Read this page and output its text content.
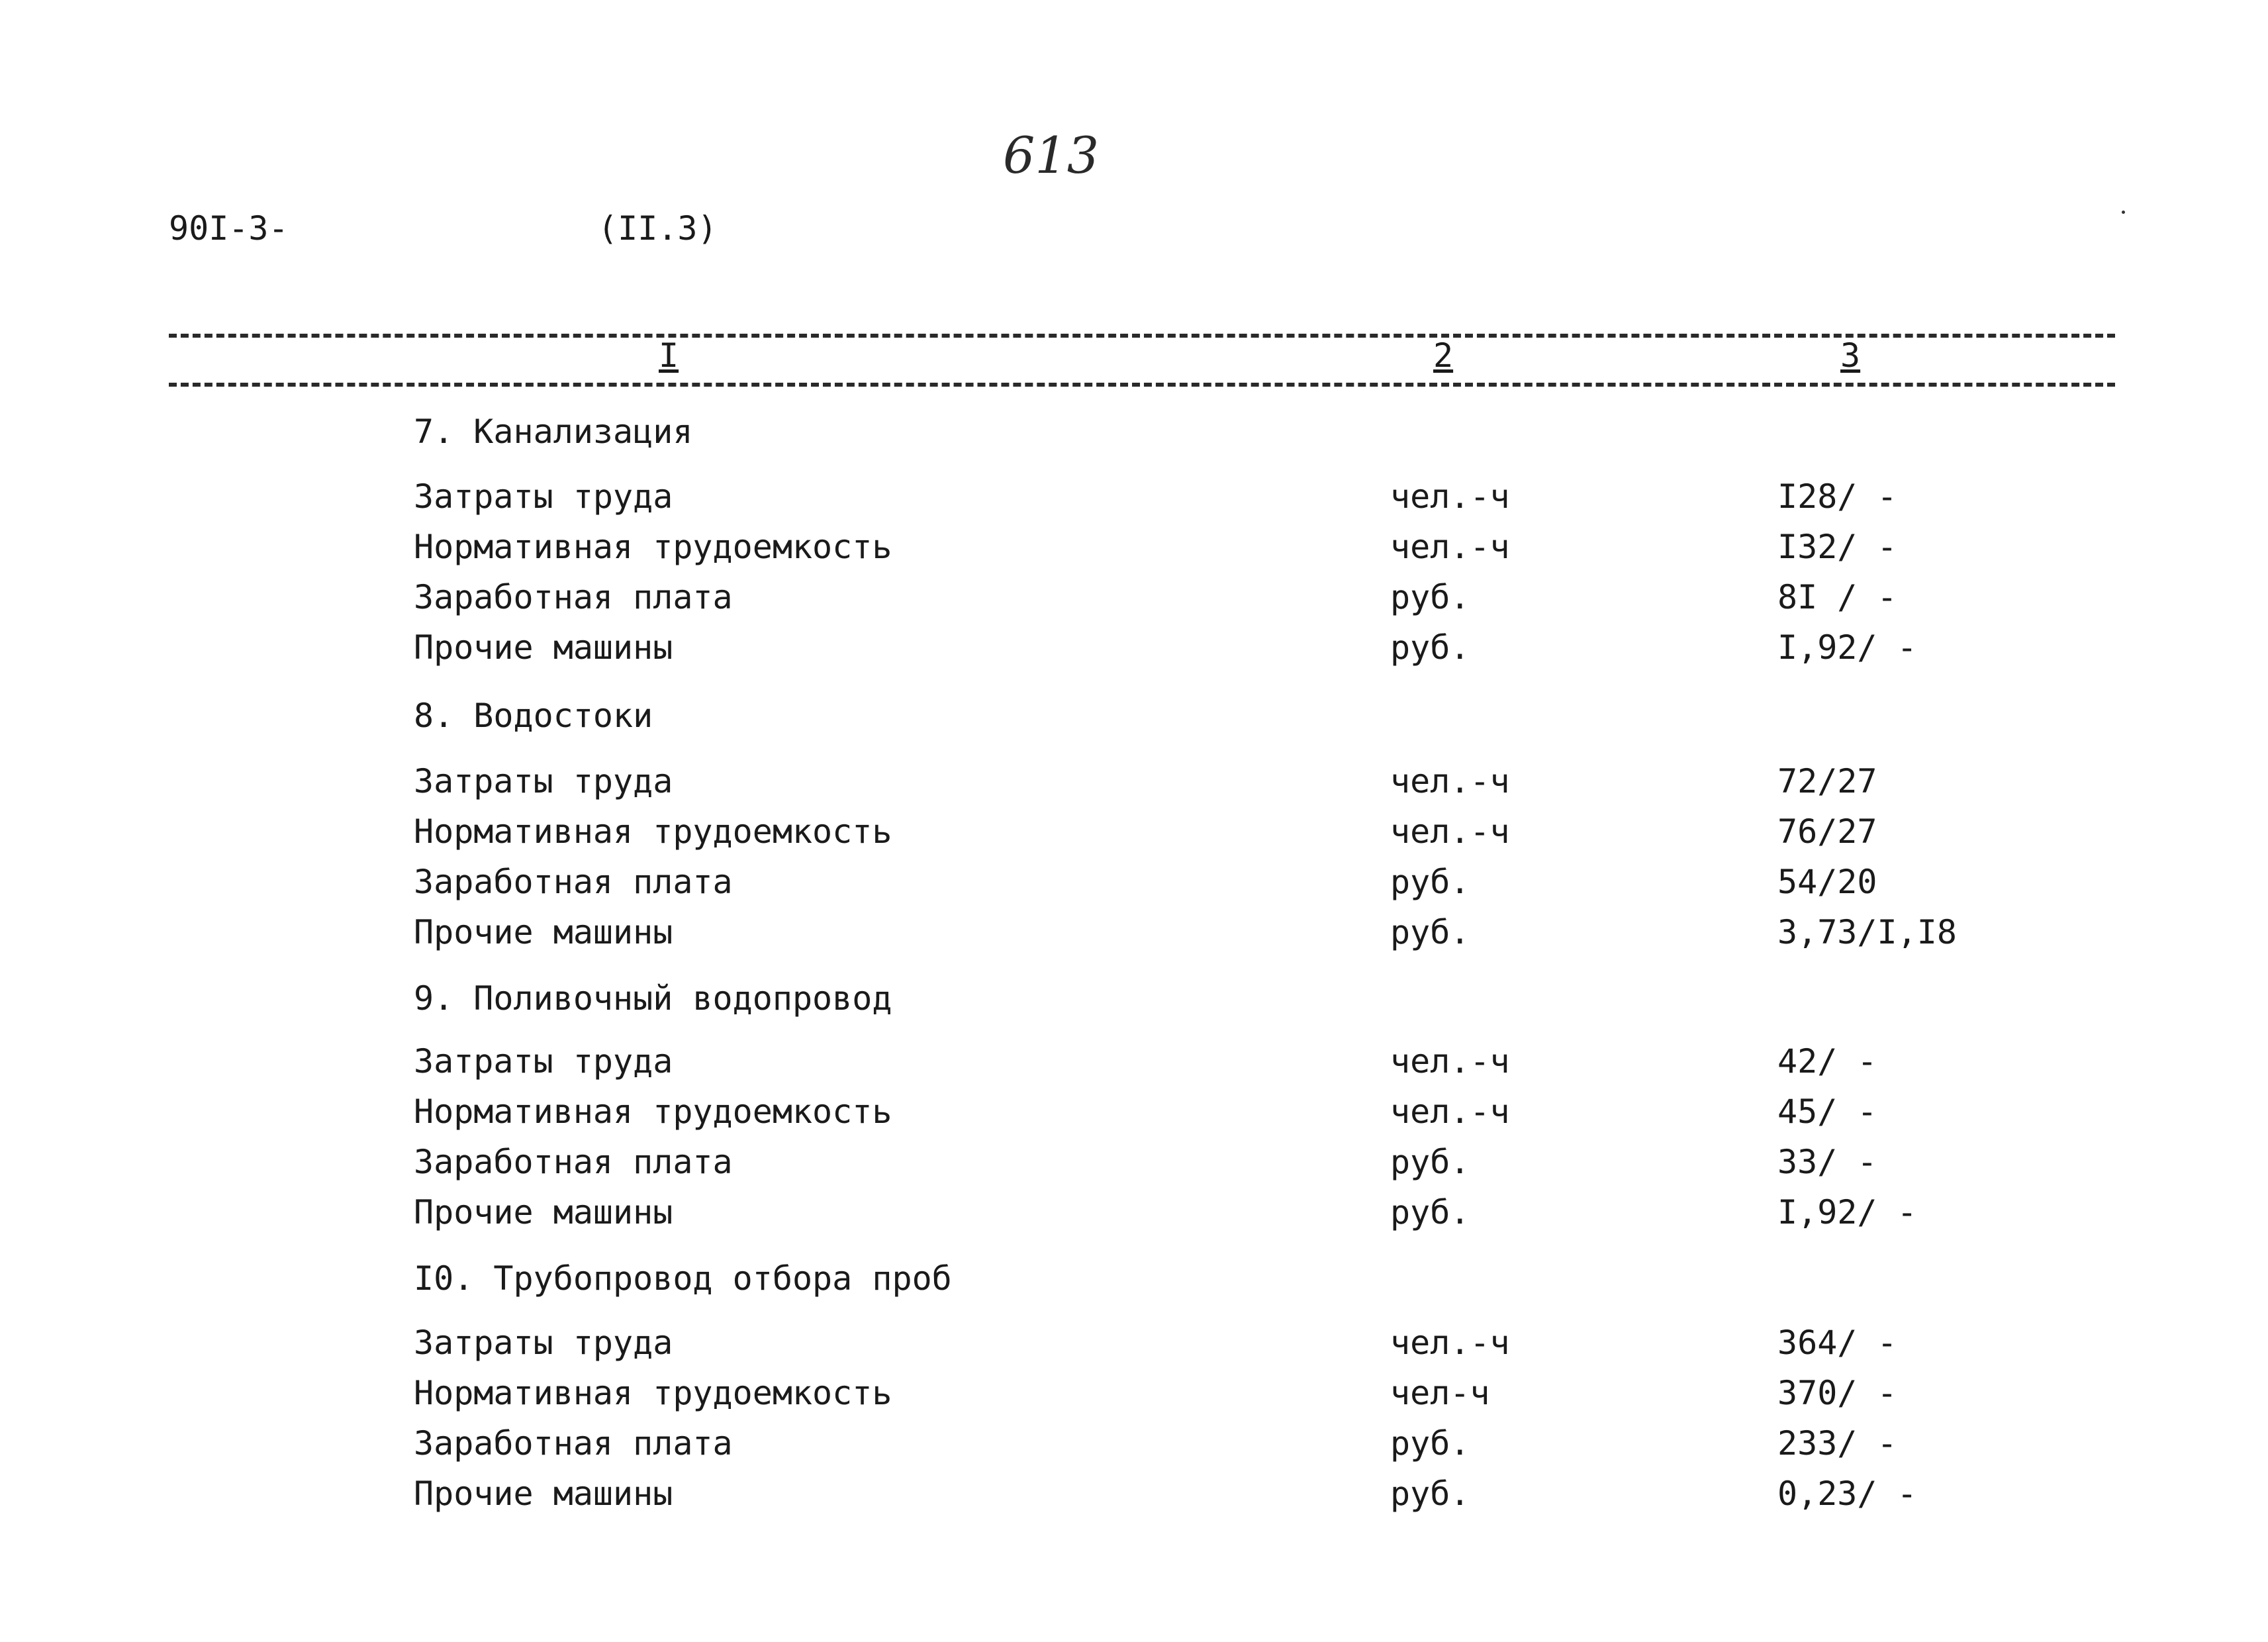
613
90I-3-	(II.3)
I	2	3
7. Канализация
Затраты труда	чел.-ч	I28/ -
Нормативная трудоемкость	чел.-ч	I32/ -
Заработная плата	руб.	8I / -
Прочие машины	руб.	I,92/ -
8. Водостоки
Затраты труда	чел.-ч	72/27
Нормативная трудоемкость	чел.-ч	76/27
Заработная плата	руб.	54/20
Прочие машины	руб.	3,73/I,I8
9. Поливочный водопровод
Затраты труда	чел.-ч	42/ -
Нормативная трудоемкость	чел.-ч	45/ -
Заработная плата	руб.	33/ -
Прочие машины	руб.	I,92/ -
I0. Трубопровод отбора проб
Затраты труда	чел.-ч	364/ -
Нормативная трудоемкость	чел-ч	370/ -
Заработная плата	руб.	233/ -
Прочие машины	руб.	0,23/ -
